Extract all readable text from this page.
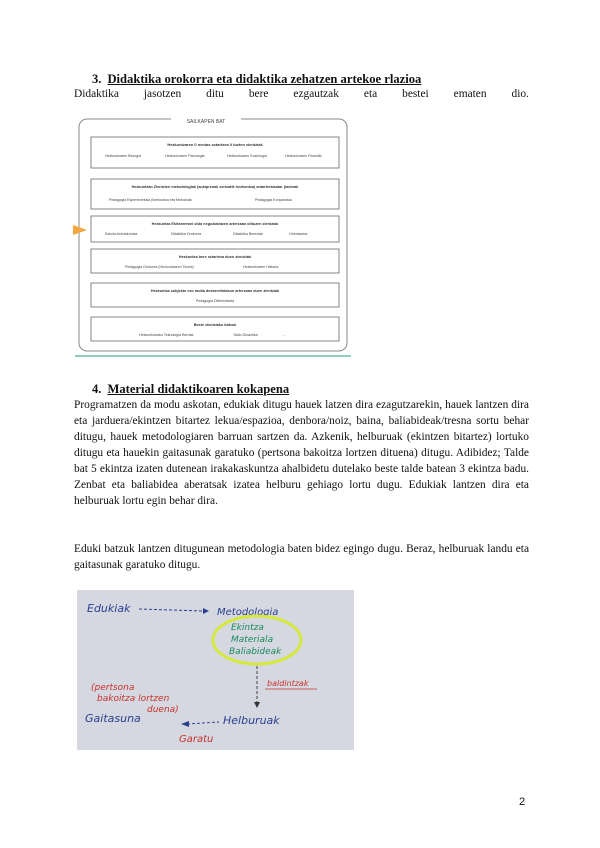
3. Didaktika orokorra eta didaktika zehatzen artekoe rlazioa
Didaktika jasotzen ditu bere ezgautzak eta bestei ematen dio.
SAILKAPEN BAT
Hezkuntzaren 0 nenias sztartzea 0 tuzten zientziak
Hezkuntzaren Biologia	Hezkuntzaren Psicologia	Hezkuntzaren Soziologia	Hezkuntzaren Filosofia
Hezkuntzan Zientzien metodologiak (aukiprenak zertzatik hezkontza) antarteratzatar (Iasbrak
Pedagogia Esperimentala (Ikerkuntza eta Metodoak	Pedagogia Konparatua
Hezkuntza Ekitearenari oldo negozialatzen arterzaan olituzen zientziak
Eskola Antolakuntza	Didaktika Orokorra	Didaktika Bereziak	Orientazioa
Hezkuntza bere sztarteza duen zientziak
Pedagogia Orokorra (Hezkuntzaren Teoria)	Hezkuntzaren Historia
Hezkuntza subjektu ezo multa desberdintasun arterzaan duen zientziak
Pedagogia Diferentziala
Beste zientziako batzuk
Hezkuntzarako Teknologia Berriak	Taldo Dinamika	...
4. Material didaktikoaren kokapena
Programatzen da modu askotan, edukiak ditugu hauek latzen dira ezagutzarekin, hauek lantzen dira eta jarduera/ekintzen bitartez lekua/espazioa, denbora/noiz, baina, baliabideak/tresna sortu behar ditugu, hauek metodologiaren barruan sartzen da. Azkenik, helburuak (ekintzen bitartez) lortuko ditugu eta hauekin gaitasunak garatuko (pertsona bakoitza lortzen dituena) ditugu. Adibidez; Talde bat 5 ekintza izaten dutenean irakakaskuntza ahalbidetu dutelako beste talde batean 3 ekintza badu. Zenbat eta baliabidea aberatsak izatea helburu gehiago lortu dugu. Edukiak lantzen dira eta helburuak lortu egin behar dira.
Eduki batzuk lantzen ditugunean metodologia baten bidez egingo dugu. Beraz, helburuak landu eta gaitasunak garatuko ditugu.
Edukiak	Metodologia
Ekintza
Materiala
Baliabideak
baldintzak
(pertsona
bakoitza lortzen
duena)
Gaitasuna	Helburuak
Garatu
2
